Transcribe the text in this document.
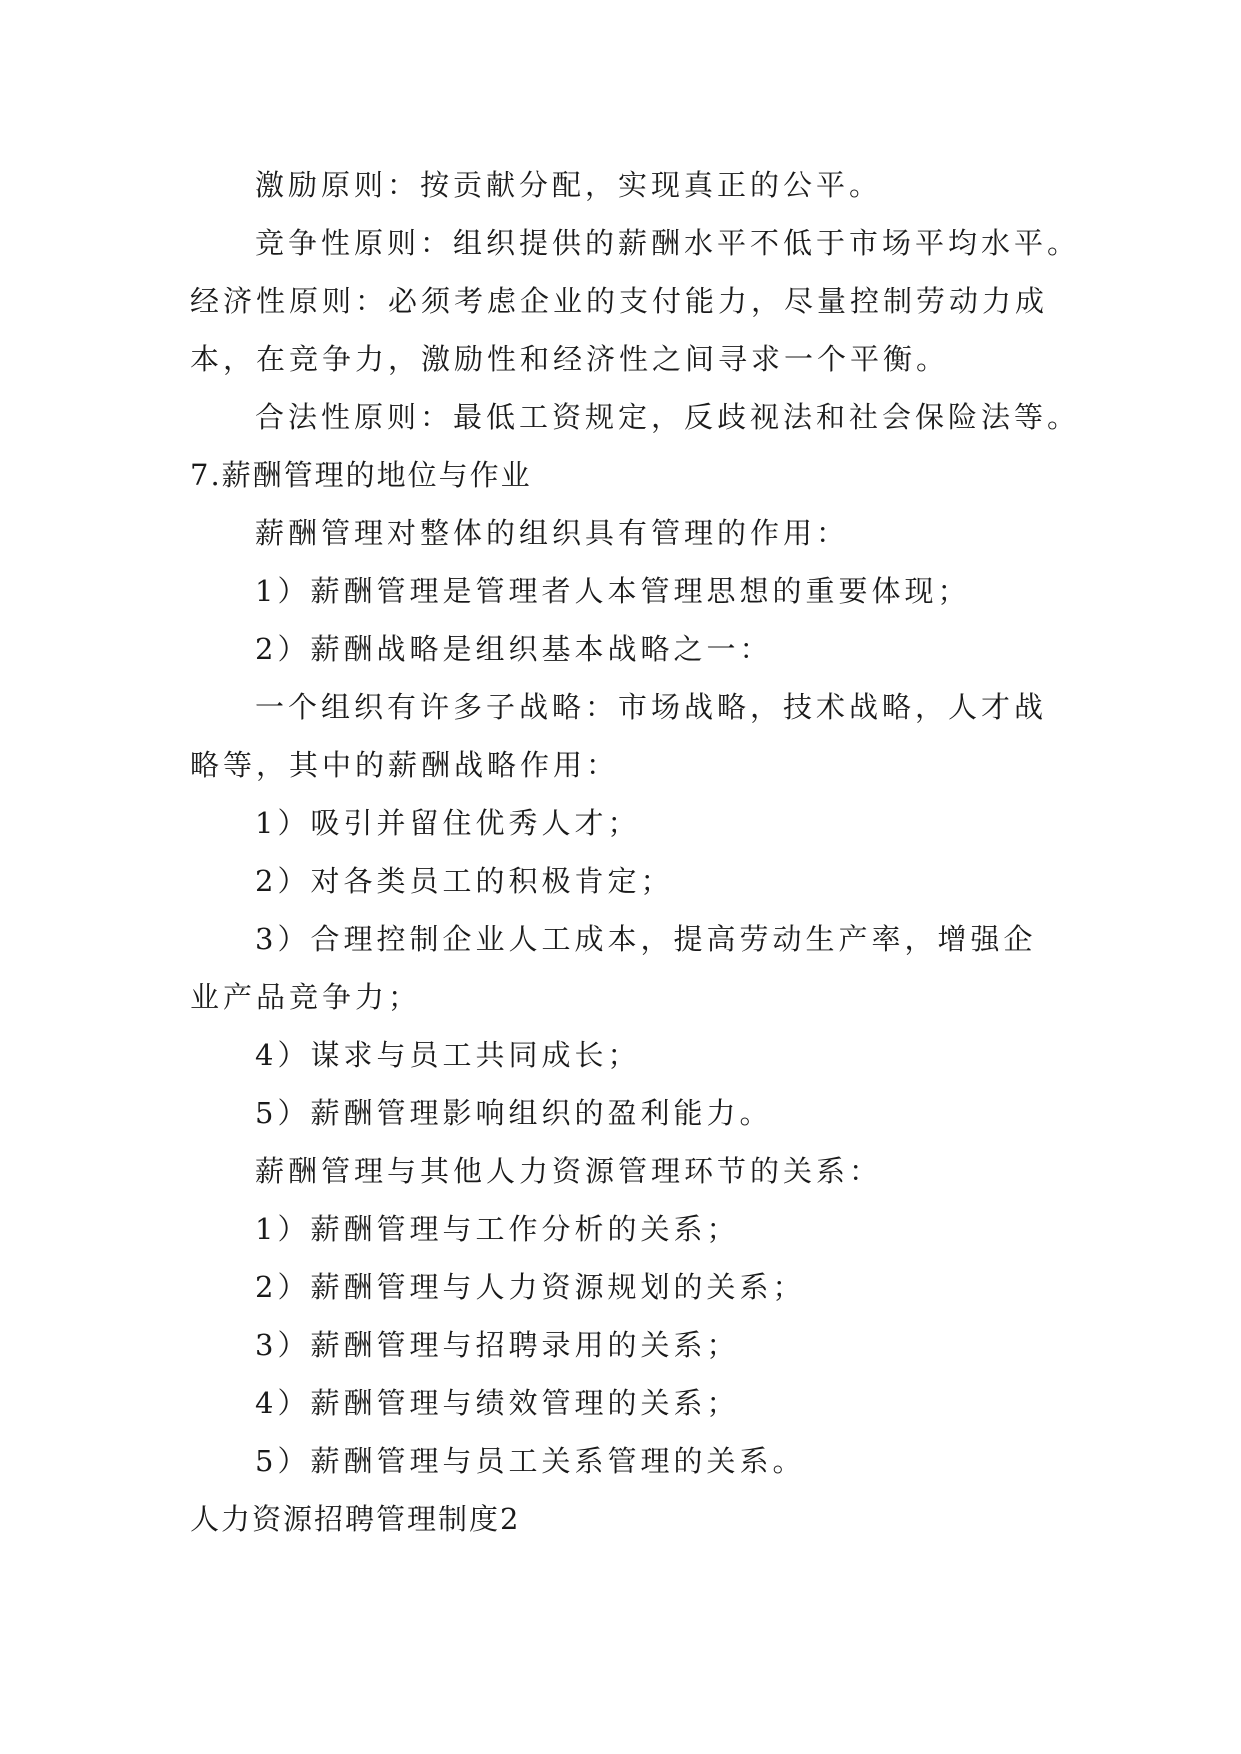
激励原则：按贡献分配，实现真正的公平。
竞争性原则：组织提供的薪酬水平不低于市场平均水平。
经济性原则：必须考虑企业的支付能力，尽量控制劳动力成
本，在竞争力，激励性和经济性之间寻求一个平衡。
合法性原则：最低工资规定，反歧视法和社会保险法等。
7.薪酬管理的地位与作业
薪酬管理对整体的组织具有管理的作用：
1）薪酬管理是管理者人本管理思想的重要体现；
2）薪酬战略是组织基本战略之一：
一个组织有许多子战略：市场战略，技术战略，人才战
略等，其中的薪酬战略作用：
1）吸引并留住优秀人才；
2）对各类员工的积极肯定；
3）合理控制企业人工成本，提高劳动生产率，增强企
业产品竞争力；
4）谋求与员工共同成长；
5）薪酬管理影响组织的盈利能力。
薪酬管理与其他人力资源管理环节的关系：
1）薪酬管理与工作分析的关系；
2）薪酬管理与人力资源规划的关系；
3）薪酬管理与招聘录用的关系；
4）薪酬管理与绩效管理的关系；
5）薪酬管理与员工关系管理的关系。
人力资源招聘管理制度2
